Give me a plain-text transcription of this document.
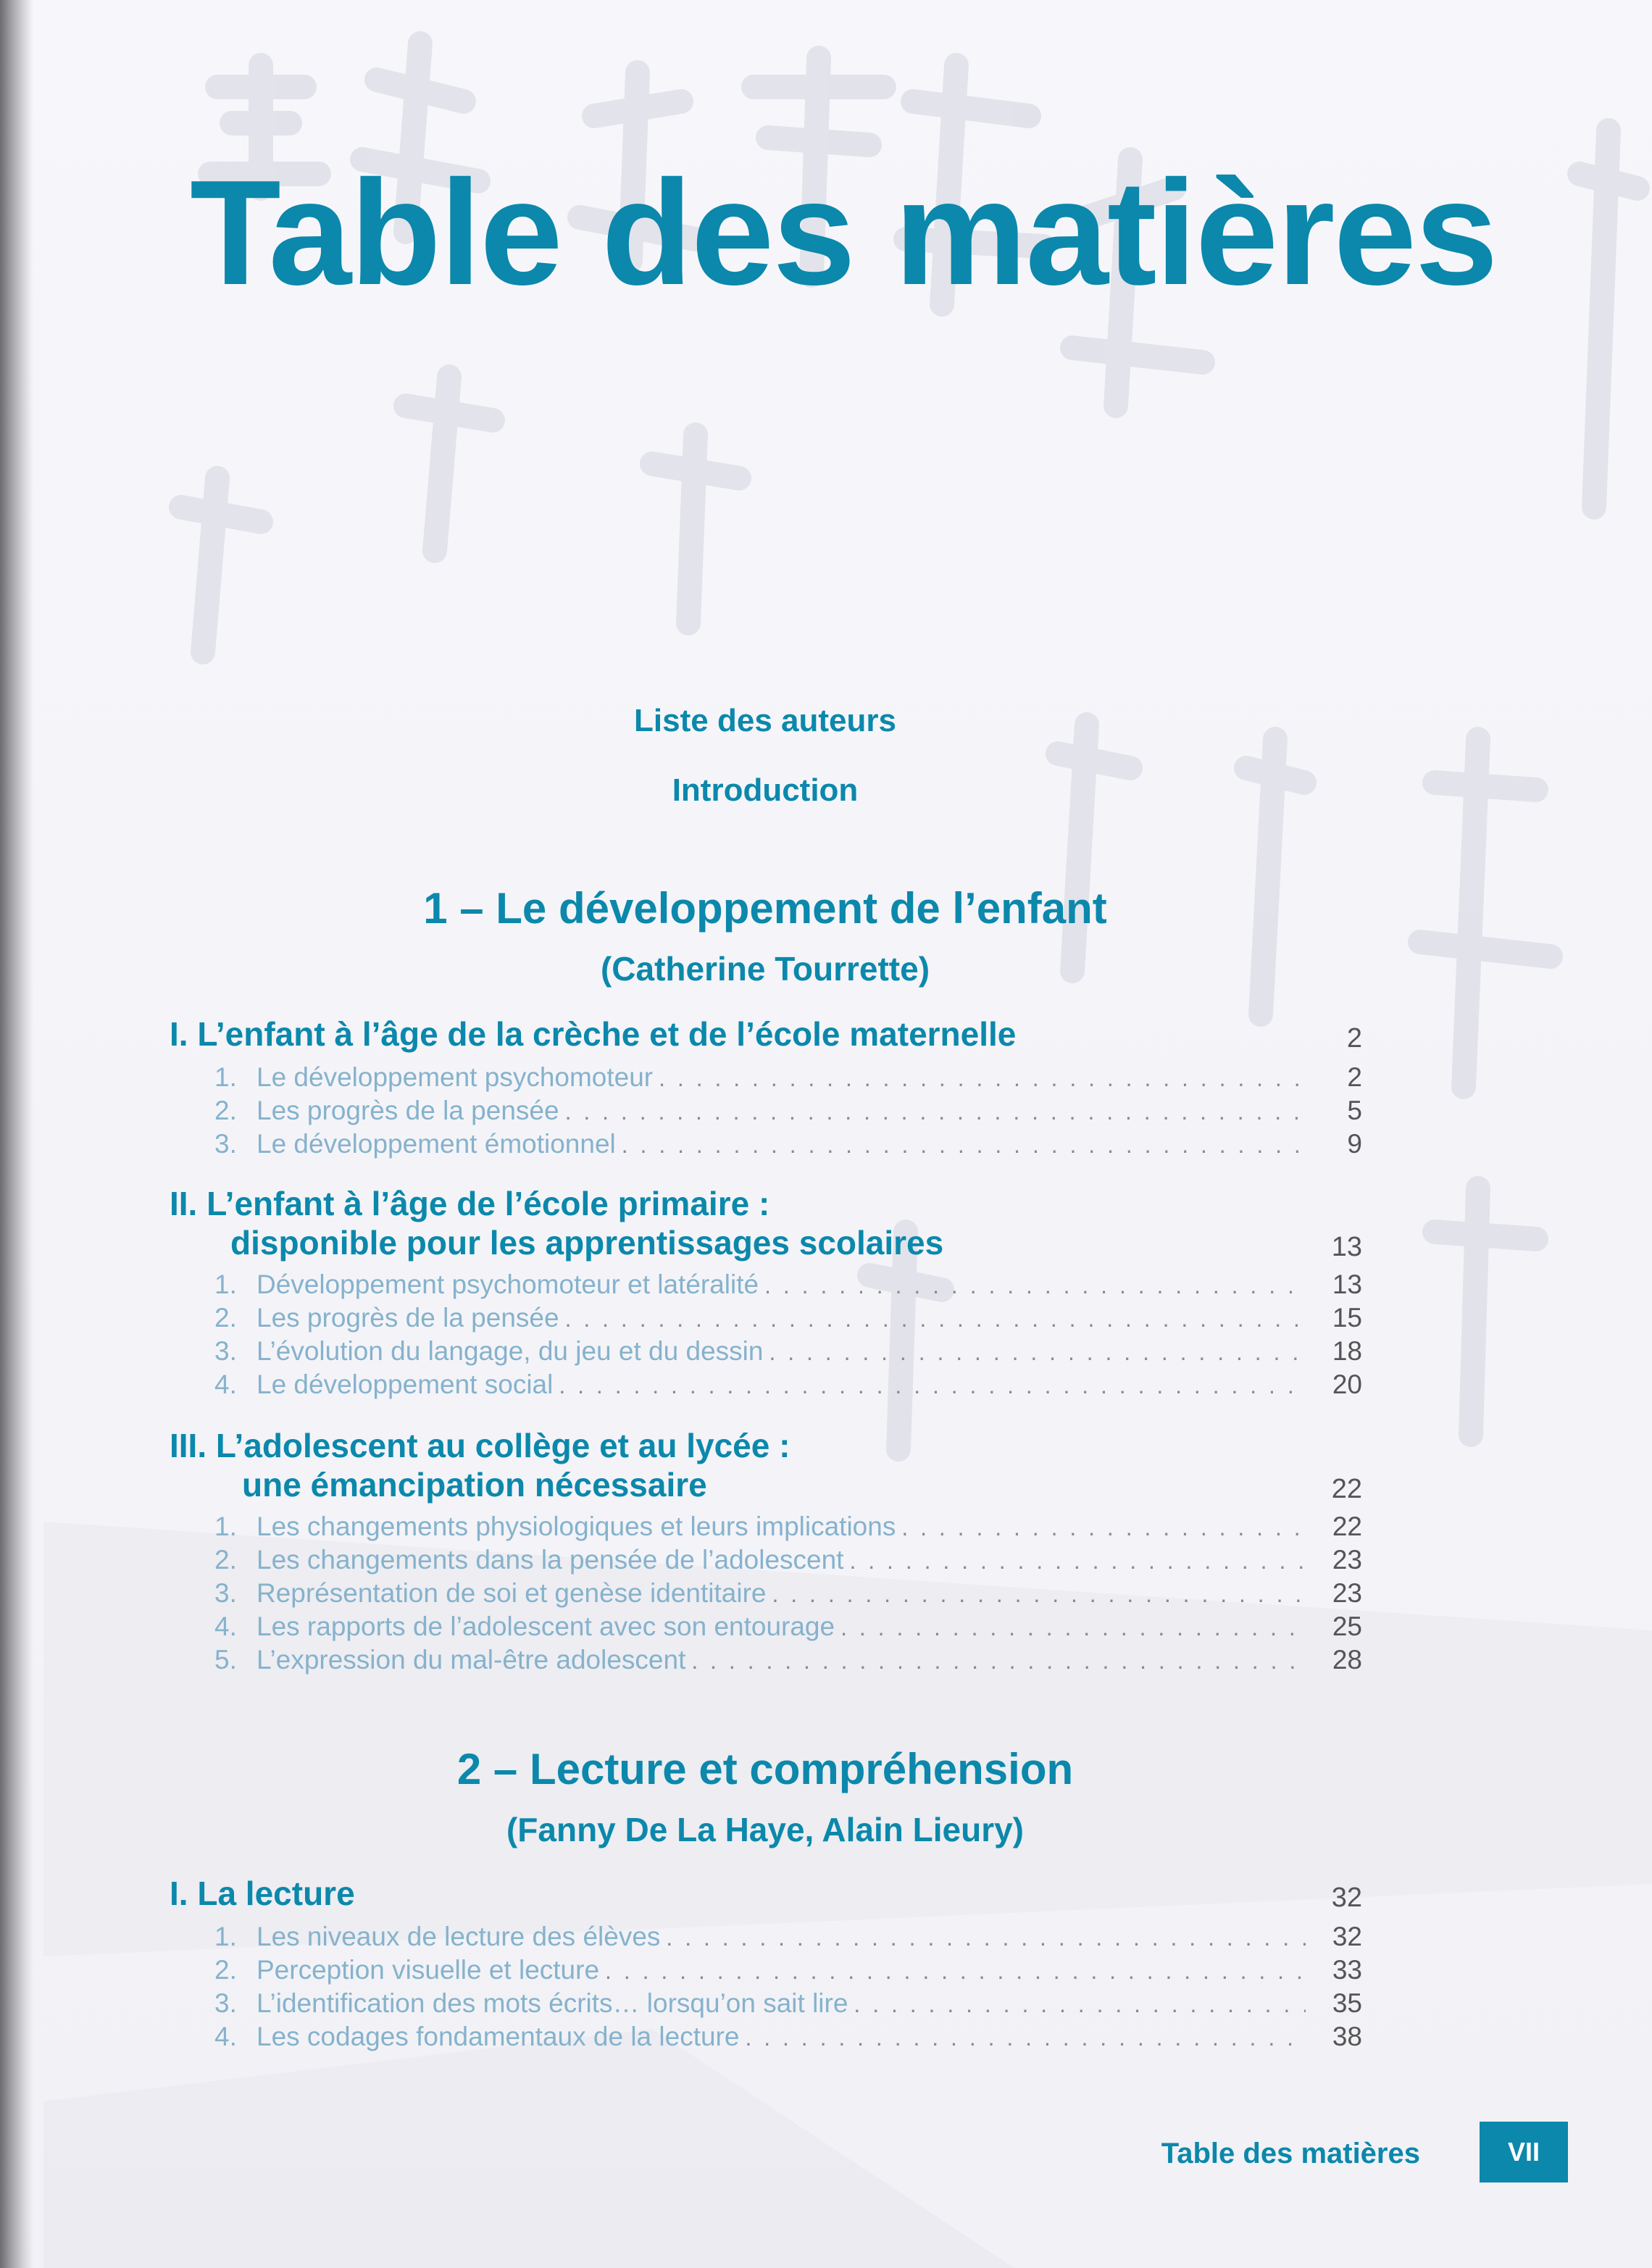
Table des matières
Liste des auteurs
Introduction
1 – Le développement de l’enfant
(Catherine Tourrette)
I. L’enfant à l’âge de la crèche et de l’école maternelle	2
1. Le développement psychomoteur . . .	2
2. Les progrès de la pensée . . .	5
3. Le développement émotionnel . . .	9
II. L’enfant à l’âge de l’école primaire :
disponible pour les apprentissages scolaires	13
1. Développement psychomoteur et latéralité . . .	13
2. Les progrès de la pensée . . .	15
3. L’évolution du langage, du jeu et du dessin . . .	18
4. Le développement social . . .	20
III. L’adolescent au collège et au lycée :
une émancipation nécessaire	22
1. Les changements physiologiques et leurs implications . . .	22
2. Les changements dans la pensée de l’adolescent . . .	23
3. Représentation de soi et genèse identitaire . . .	23
4. Les rapports de l’adolescent avec son entourage . . .	25
5. L’expression du mal-être adolescent . . .	28
2 – Lecture et compréhension
(Fanny De La Haye, Alain Lieury)
I. La lecture	32
1. Les niveaux de lecture des élèves . . .	32
2. Perception visuelle et lecture . . .	33
3. L’identification des mots écrits… lorsqu’on sait lire . . .	35
4. Les codages fondamentaux de la lecture . . .	38
Table des matières	VII
